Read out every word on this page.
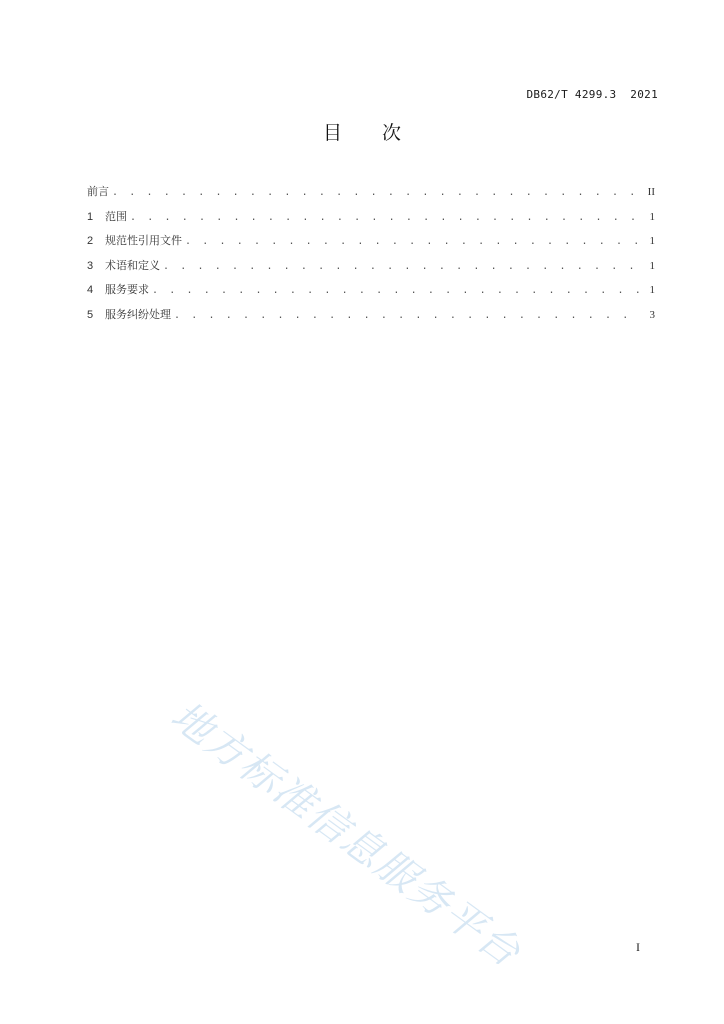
DB62/T 4299.3  2021
目 次
前言 . . .	II
1	范围 . . .	1
2	规范性引用文件 . . .	1
3	术语和定义 . . .	1
4	服务要求 . . .	1
5	服务纠纷处理 . . .	3
地方标准信息服务平台	I
